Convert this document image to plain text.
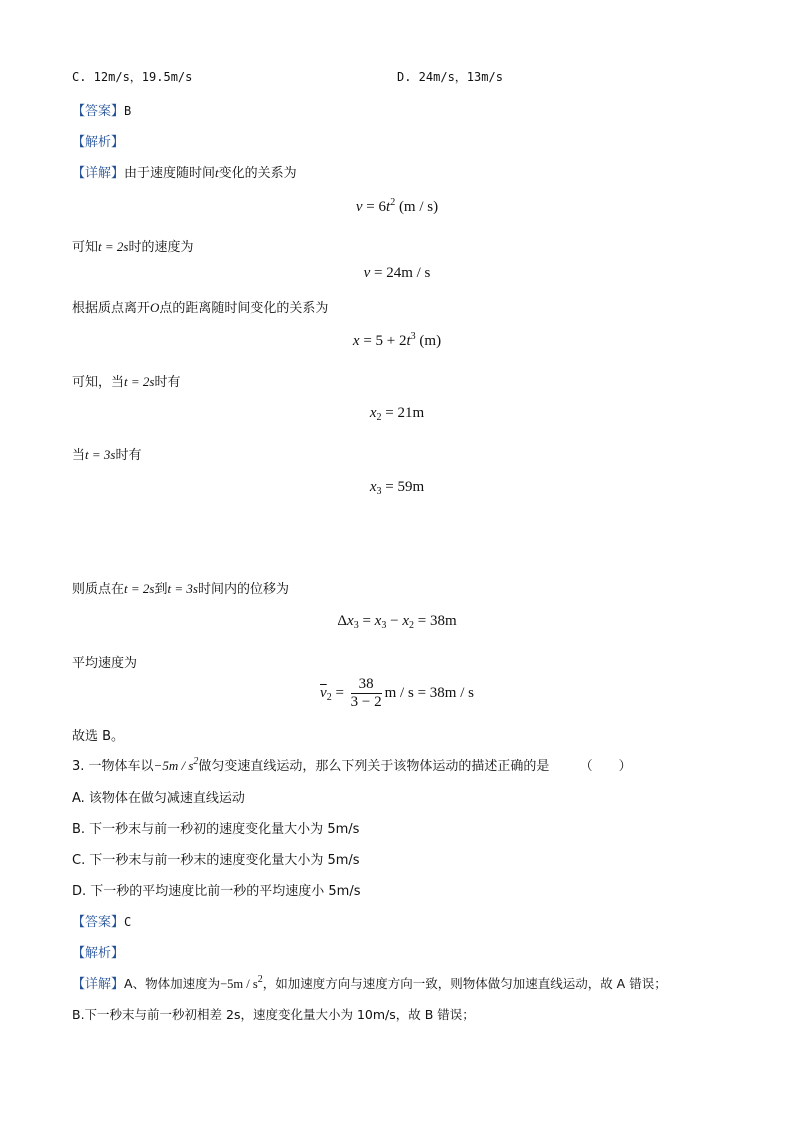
C. 12m/s，19.5m/s	D. 24m/s，13m/s
【答案】B
【解析】
【详解】由于速度随时间t变化的关系为
$v = 6t^2$ (m / s)
可知t = 2s时的速度为
v = 24m / s
根据质点离开O点的距离随时间变化的关系为
$x = 5 + 2t^3$ (m)
可知，当t = 2s时有
$x_2 = 21m$
当t = 3s时有
$x_3 = 59m$
则质点在t = 2s到t = 3s时间内的位移为
$\Delta x_3 = x_3 - x_2 = 38m$
平均速度为
$\overline{v}_2 = \frac{38}{3 - 2}$ m / s = 38m / s
故选 B。
3. 一物体车以$-5m / s^2$做匀变速直线运动，那么下列关于该物体运动的描述正确的是 （　　）
A. 该物体在做匀减速直线运动
B. 下一秒末与前一秒初的速度变化量大小为 5m/s
C. 下一秒末与前一秒末的速度变化量大小为 5m/s
D. 下一秒的平均速度比前一秒的平均速度小 5m/s
【答案】C
【解析】
【详解】A、物体加速度为$-5m / s^2$，如加速度方向与速度方向一致，则物体做匀加速直线运动，故 A 错误；
B.下一秒末与前一秒初相差 2s，速度变化量大小为 10m/s，故 B 错误；
